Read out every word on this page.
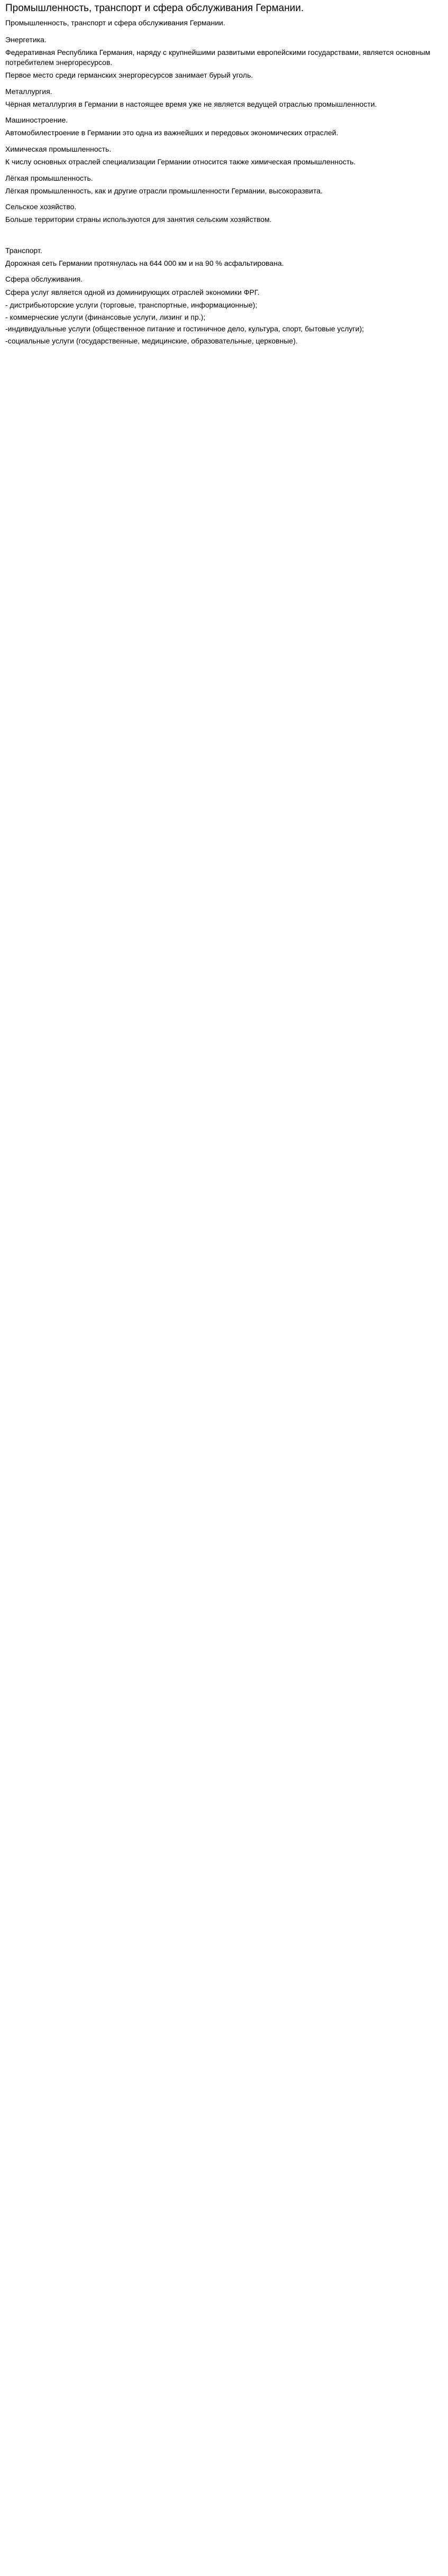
Промышленность, транспорт и сфера обслуживания Германии.
Промышленность, транспорт и сфера обслуживания Германии.
Энергетика.

Федеративная Республика Германия, наряду с крупнейшими развитыми европейскими государствами, является основным потребителем энергоресурсов.

Первое место среди германских энергоресурсов занимает бурый уголь.

Металлургия.

Чёрная металлургия в Германии в настоящее время уже не является ведущей отраслью промышленности.

Машиностроение.

Автомобилестроение в Германии это одна из важнейших и передовых экономических отраслей.

Химическая промышленность.

К числу основных отраслей специализации Германии относится также химическая промышленность.

Лёгкая промышленность.

Лёгкая промышленность, как и другие отрасли промышленности Германии, высокоразвита.

Сельское хозяйство.

Больше территории страны используются для занятия сельским хозяйством.

Транспорт.

Дорожная сеть Германии протянулась на 644 000 км и на 90 % асфальтирована.

Сфера обслуживания.

Сфера услуг является одной из доминирующих отраслей экономики ФРГ.

- дистрибьюторские услуги (торговые, транспортные, информационные);
- коммерческие услуги (финансовые услуги, лизинг и пр.);
-индивидуальные услуги (общественное питание и гостиничное дело, культура, спорт, бытовые услуги);
-социальные услуги (государственные, медицинские, образовательные, церковные).
